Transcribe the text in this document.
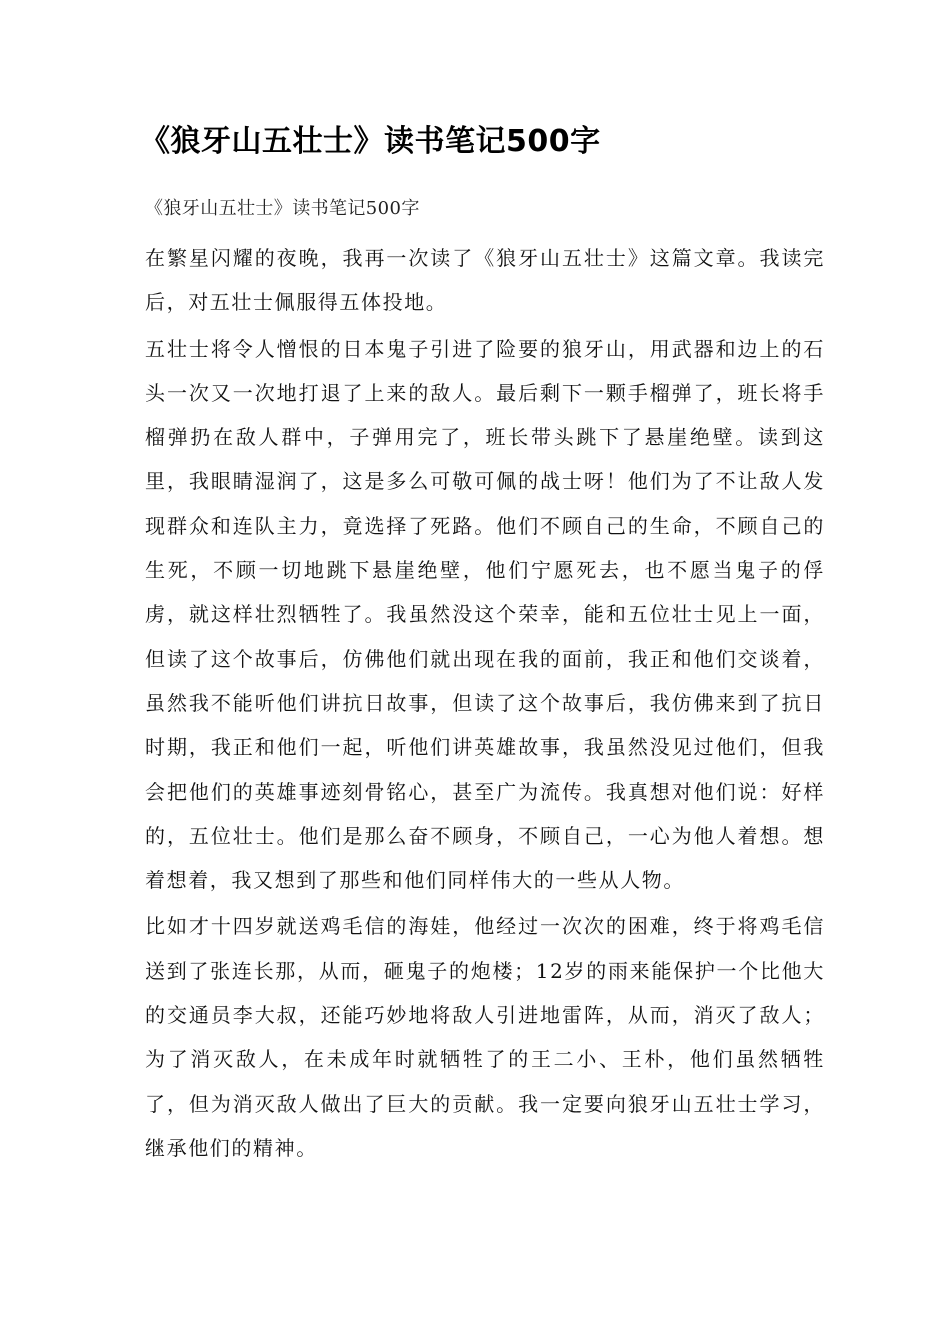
《狼牙山五壮士》读书笔记500字

《狼牙山五壮士》读书笔记500字

在繁星闪耀的夜晚，我再一次读了《狼牙山五壮士》这篇文章。我读完后，对五壮士佩服得五体投地。

五壮士将令人憎恨的日本鬼子引进了险要的狼牙山，用武器和边上的石头一次又一次地打退了上来的敌人。最后剩下一颗手榴弹了，班长将手榴弹扔在敌人群中，子弹用完了，班长带头跳下了悬崖绝壁。读到这里，我眼睛湿润了，这是多么可敬可佩的战士呀！他们为了不让敌人发现群众和连队主力，竟选择了死路。他们不顾自己的生命，不顾自己的生死，不顾一切地跳下悬崖绝壁，他们宁愿死去，也不愿当鬼子的俘虏，就这样壮烈牺牲了。我虽然没这个荣幸，能和五位壮士见上一面，但读了这个故事后，仿佛他们就出现在我的面前，我正和他们交谈着，虽然我不能听他们讲抗日故事，但读了这个故事后，我仿佛来到了抗日时期，我正和他们一起，听他们讲英雄故事，我虽然没见过他们，但我会把他们的英雄事迹刻骨铭心，甚至广为流传。我真想对他们说：好样的，五位壮士。他们是那么奋不顾身，不顾自己，一心为他人着想。想着想着，我又想到了那些和他们同样伟大的一些从人物。

比如才十四岁就送鸡毛信的海娃，他经过一次次的困难，终于将鸡毛信送到了张连长那，从而，砸鬼子的炮楼；12岁的雨来能保护一个比他大的交通员李大叔，还能巧妙地将敌人引进地雷阵，从而，消灭了敌人；为了消灭敌人，在未成年时就牺牲了的王二小、王朴，他们虽然牺牲了，但为消灭敌人做出了巨大的贡献。我一定要向狼牙山五壮士学习，继承他们的精神。
